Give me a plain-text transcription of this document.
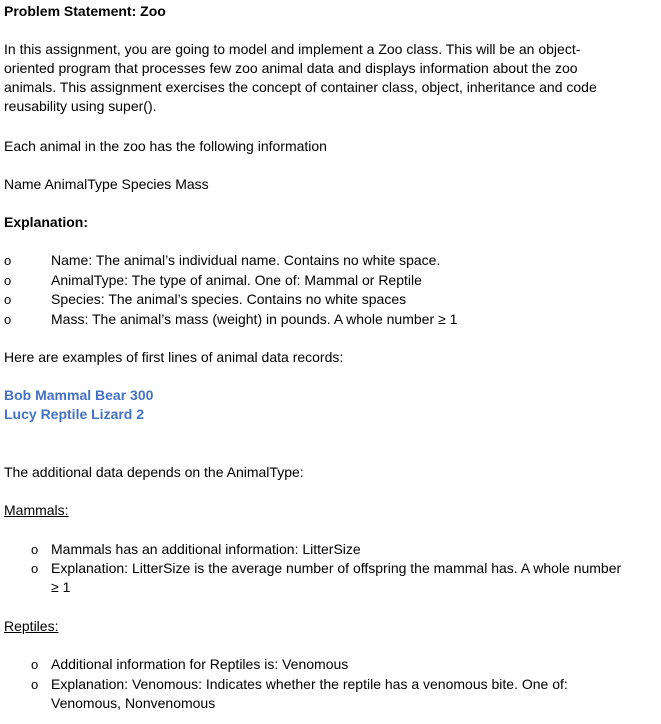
Problem Statement: Zoo
In this assignment, you are going to model and implement a Zoo class. This will be an object-
oriented program that processes few zoo animal data and displays information about the zoo
animals. This assignment exercises the concept of container class, object, inheritance and code
reusability using super().
Each animal in the zoo has the following information
Name AnimalType Species Mass
Explanation:
o	Name: The animal’s individual name. Contains no white space.
o	AnimalType: The type of animal. One of: Mammal or Reptile
o	Species: The animal’s species. Contains no white spaces
o	Mass: The animal’s mass (weight) in pounds. A whole number ≥ 1
Here are examples of first lines of animal data records:
Bob Mammal Bear 300
Lucy Reptile Lizard 2
The additional data depends on the AnimalType:
Mammals:
o Mammals has an additional information: LitterSize
o Explanation: LitterSize is the average number of offspring the mammal has. A whole number
≥ 1
Reptiles:
o Additional information for Reptiles is: Venomous
o Explanation: Venomous: Indicates whether the reptile has a venomous bite. One of:
Venomous, Nonvenomous
